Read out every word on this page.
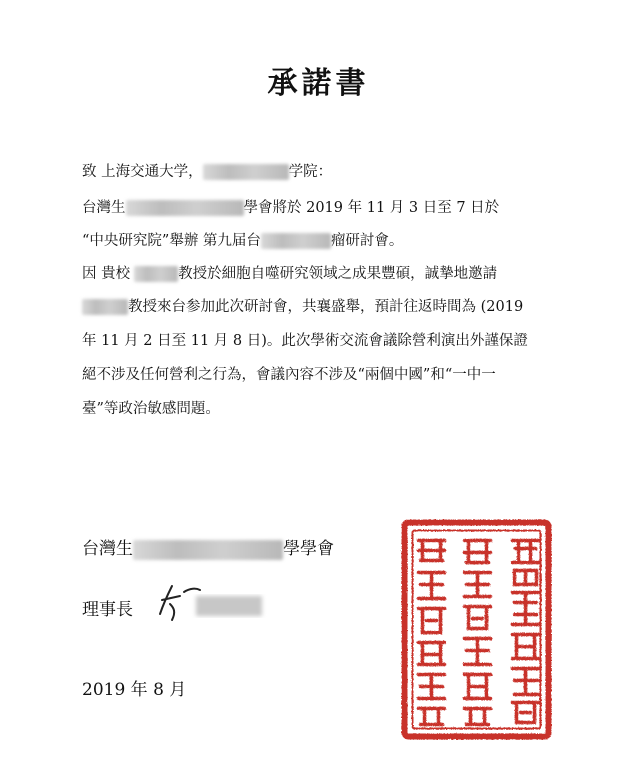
承諾書
致 上海交通大学，	学院：
台灣生	學會將於 2019 年 11 月 3 日至 7 日於
“中央研究院”舉辦 第九届台	瘤研討會。
因 貴校	教授於細胞自噬研究领域之成果豐碩，誠摯地邀請
教授來台参加此次研討會，共襄盛舉，預計往返時間為 (2019
年 11 月 2 日至 11 月 8 日)。此次學術交流會議除營利演出外謹保證
絕不涉及任何營利之行為，會議內容不涉及“兩個中國”和“一中一
臺”等政治敏感問題。
台灣生	學學會
理事長
2019 年 8 月
